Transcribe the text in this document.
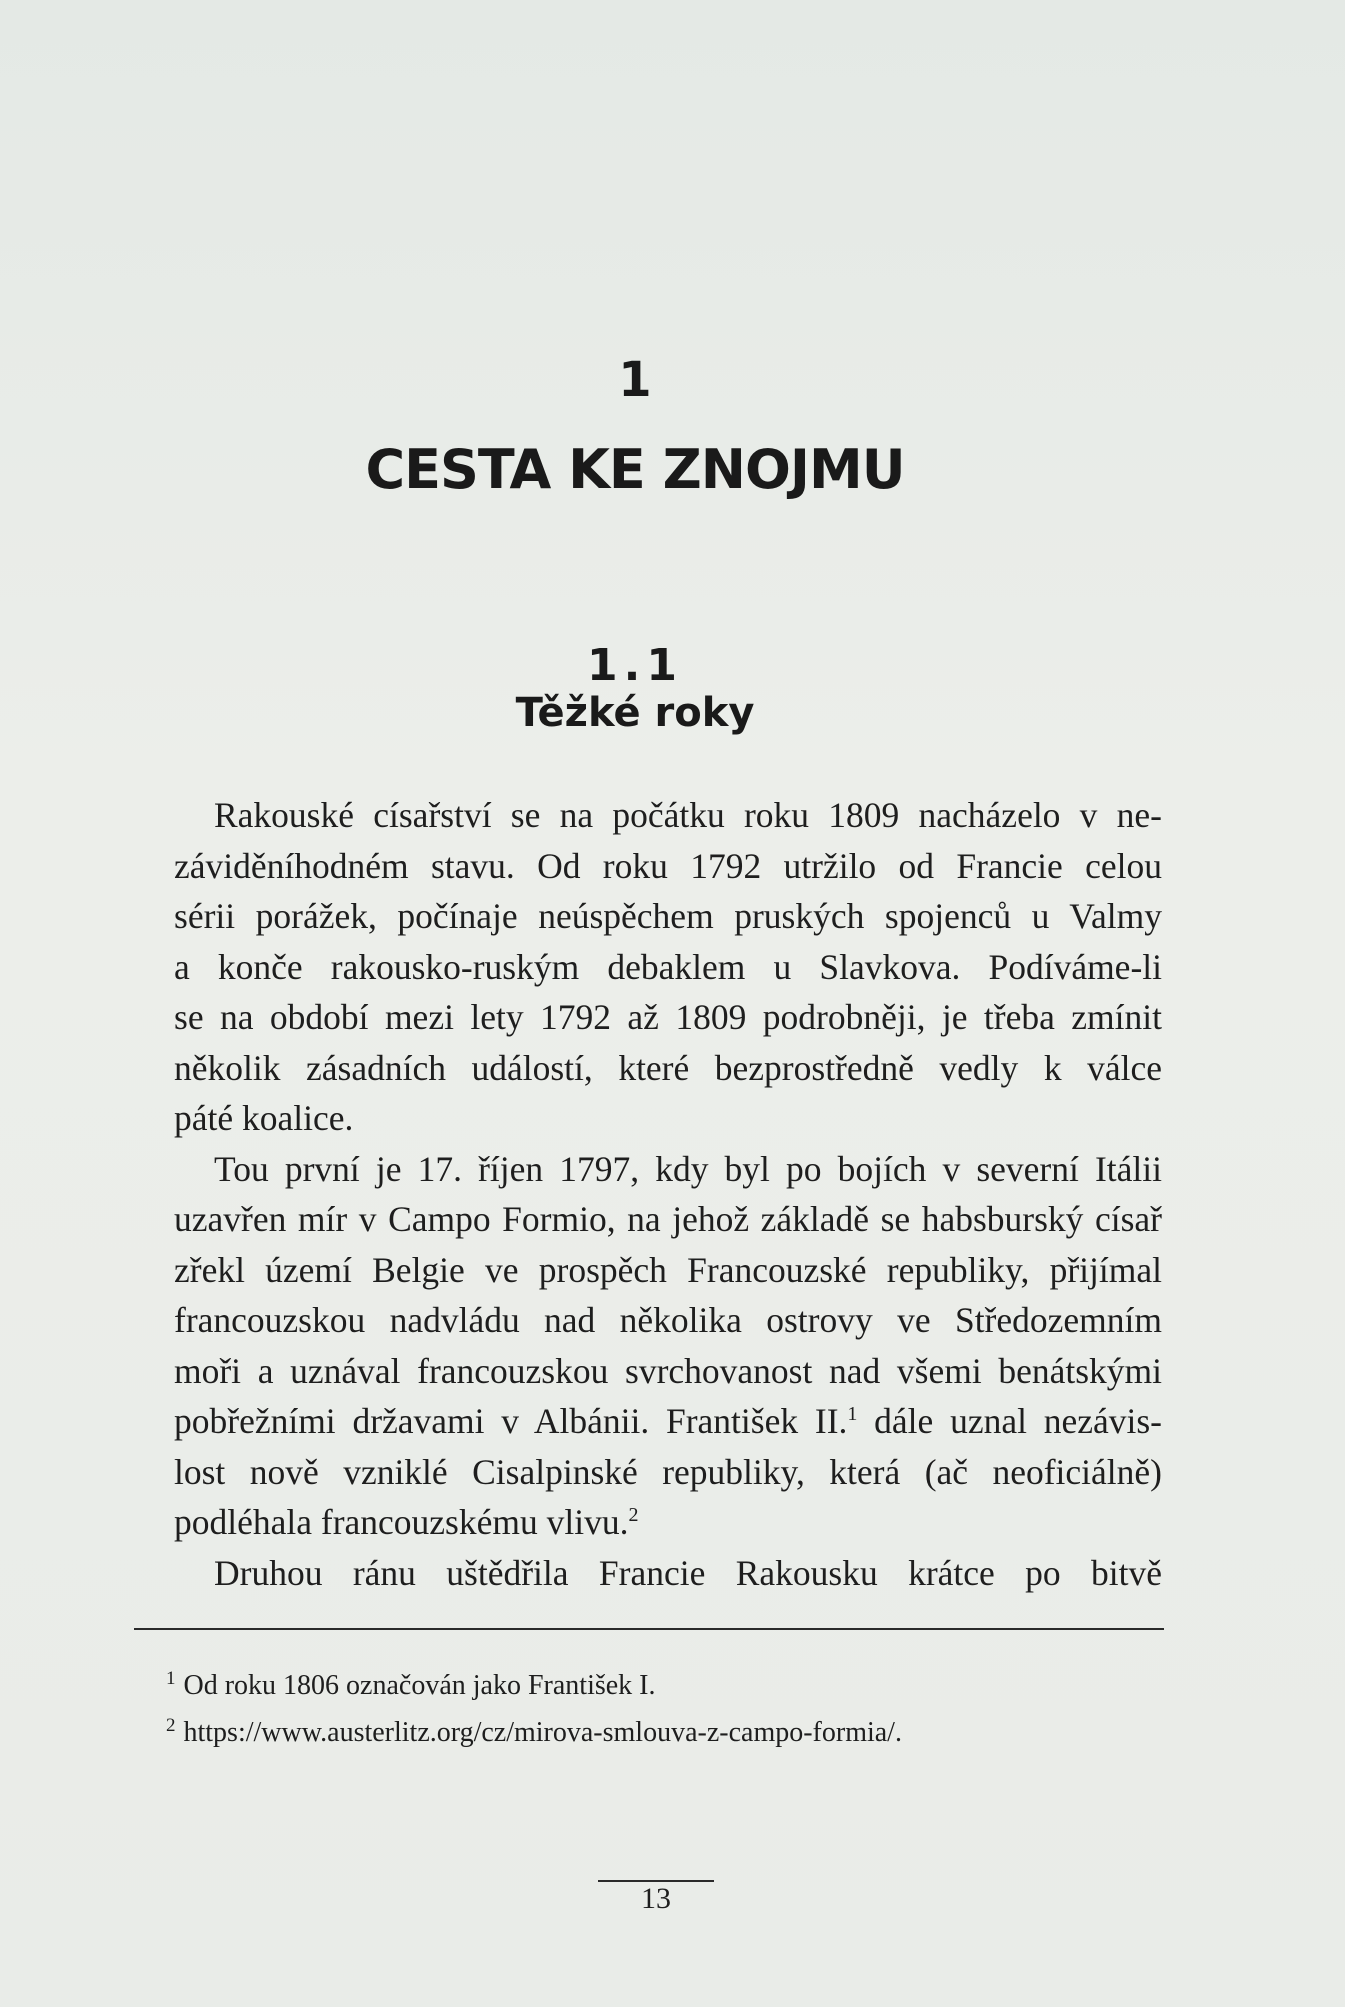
1
CESTA KE ZNOJMU
1.1
Těžké roky
Rakouské císařství se na počátku roku 1809 nacházelo v ne-
záviděníhodném stavu. Od roku 1792 utržilo od Francie celou
sérii porážek, počínaje neúspěchem pruských spojenců u Valmy
a konče rakousko-ruským debaklem u Slavkova. Podíváme-li
se na období mezi lety 1792 až 1809 podrobněji, je třeba zmínit
několik zásadních událostí, které bezprostředně vedly k válce
páté koalice.
Tou první je 17. říjen 1797, kdy byl po bojích v severní Itálii
uzavřen mír v Campo Formio, na jehož základě se habsburský císař
zřekl území Belgie ve prospěch Francouzské republiky, přijímal
francouzskou nadvládu nad několika ostrovy ve Středozemním
moři a uznával francouzskou svrchovanost nad všemi benátskými
pobřežními državami v Albánii. František II.$^1$ dále uznal nezávis-
lost nově vzniklé Cisalpinské republiky, která (ač neoficiálně)
podléhala francouzskému vlivu.$^2$
Druhou ránu uštědřila Francie Rakousku krátce po bitvě
$^1$ Od roku 1806 označován jako František I.
$^2$ https://www.austerlitz.org/cz/mirova-smlouva-z-campo-formia/.
13
